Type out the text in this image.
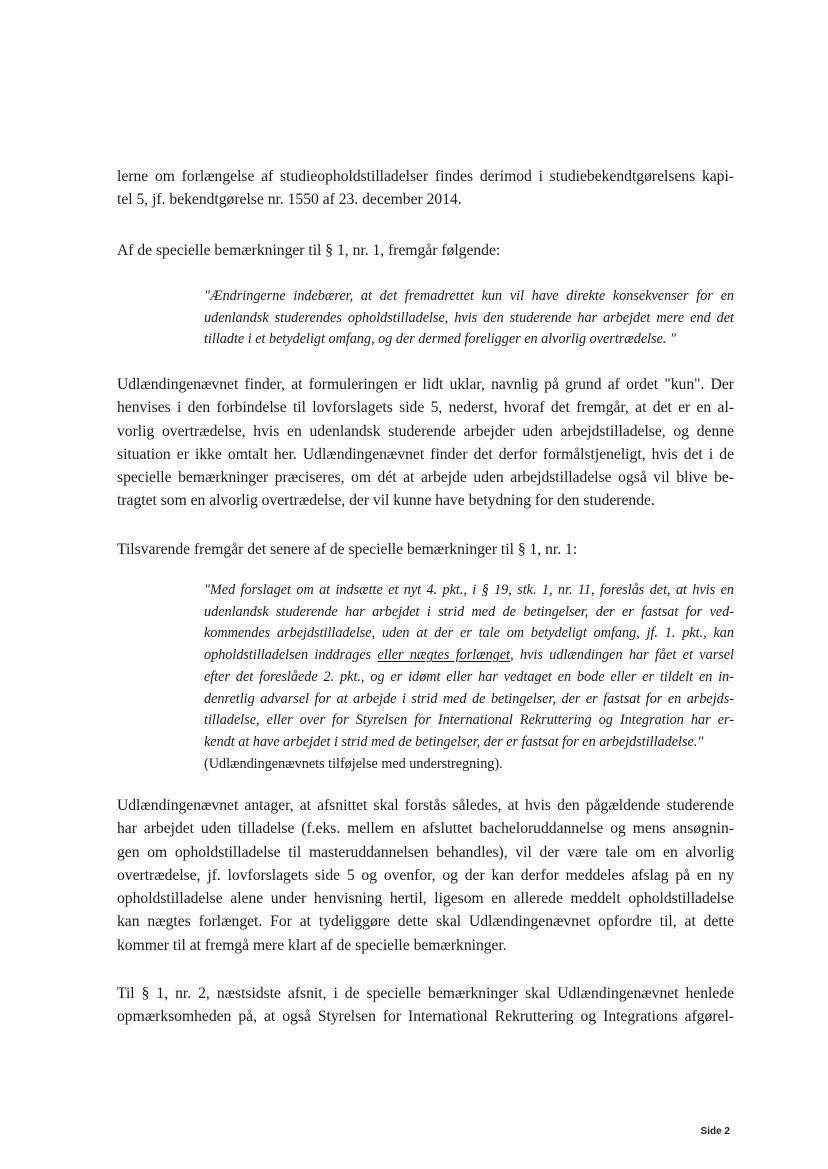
lerne om forlængelse af studieopholdstilladelser findes derimod i studiebekendtgørelsens kapi-
tel 5, jf. bekendtgørelse nr. 1550 af 23. december 2014.

Af de specielle bemærkninger til § 1, nr. 1, fremgår følgende:

"Ændringerne indebærer, at det fremadrettet kun vil have direkte konsekvenser for en
udenlandsk studerendes opholdstilladelse, hvis den studerende har arbejdet mere end det
tilladte i et betydeligt omfang, og der dermed foreligger en alvorlig overtrædelse. "

Udlændingenævnet finder, at formuleringen er lidt uklar, navnlig på grund af ordet "kun". Der
henvises i den forbindelse til lovforslagets side 5, nederst, hvoraf det fremgår, at det er en al-
vorlig overtrædelse, hvis en udenlandsk studerende arbejder uden arbejdstilladelse, og denne
situation er ikke omtalt her. Udlændingenævnet finder det derfor formålstjeneligt, hvis det i de
specielle bemærkninger præciseres, om dét at arbejde uden arbejdstilladelse også vil blive be-
tragtet som en alvorlig overtrædelse, der vil kunne have betydning for den studerende.

Tilsvarende fremgår det senere af de specielle bemærkninger til § 1, nr. 1:

"Med forslaget om at indsætte et nyt 4. pkt., i § 19, stk. 1, nr. 11, foreslås det, at hvis en
udenlandsk studerende har arbejdet i strid med de betingelser, der er fastsat for ved-
kommendes arbejdstilladelse, uden at der er tale om betydeligt omfang, jf. 1. pkt., kan
opholdstilladelsen inddrages eller nægtes forlænget, hvis udlændingen har fået et varsel
efter det foreslåede 2. pkt., og er idømt eller har vedtaget en bode eller er tildelt en in-
denretlig advarsel for at arbejde i strid med de betingelser, der er fastsat for en arbejds-
tilladelse, eller over for Styrelsen for International Rekruttering og Integration har er-
kendt at have arbejdet i strid med de betingelser, der er fastsat for en arbejdstilladelse."
(Udlændingenævnets tilføjelse med understregning).

Udlændingenævnet antager, at afsnittet skal forstås således, at hvis den pågældende studerende
har arbejdet uden tilladelse (f.eks. mellem en afsluttet bacheloruddannelse og mens ansøgnin-
gen om opholdstilladelse til masteruddannelsen behandles), vil der være tale om en alvorlig
overtrædelse, jf. lovforslagets side 5 og ovenfor, og der kan derfor meddeles afslag på en ny
opholdstilladelse alene under henvisning hertil, ligesom en allerede meddelt opholdstilladelse
kan nægtes forlænget. For at tydeliggøre dette skal Udlændingenævnet opfordre til, at dette
kommer til at fremgå mere klart af de specielle bemærkninger.

Til § 1, nr. 2, næstsidste afsnit, i de specielle bemærkninger skal Udlændingenævnet henlede
opmærksomheden på, at også Styrelsen for International Rekruttering og Integrations afgørel-

Side 2
